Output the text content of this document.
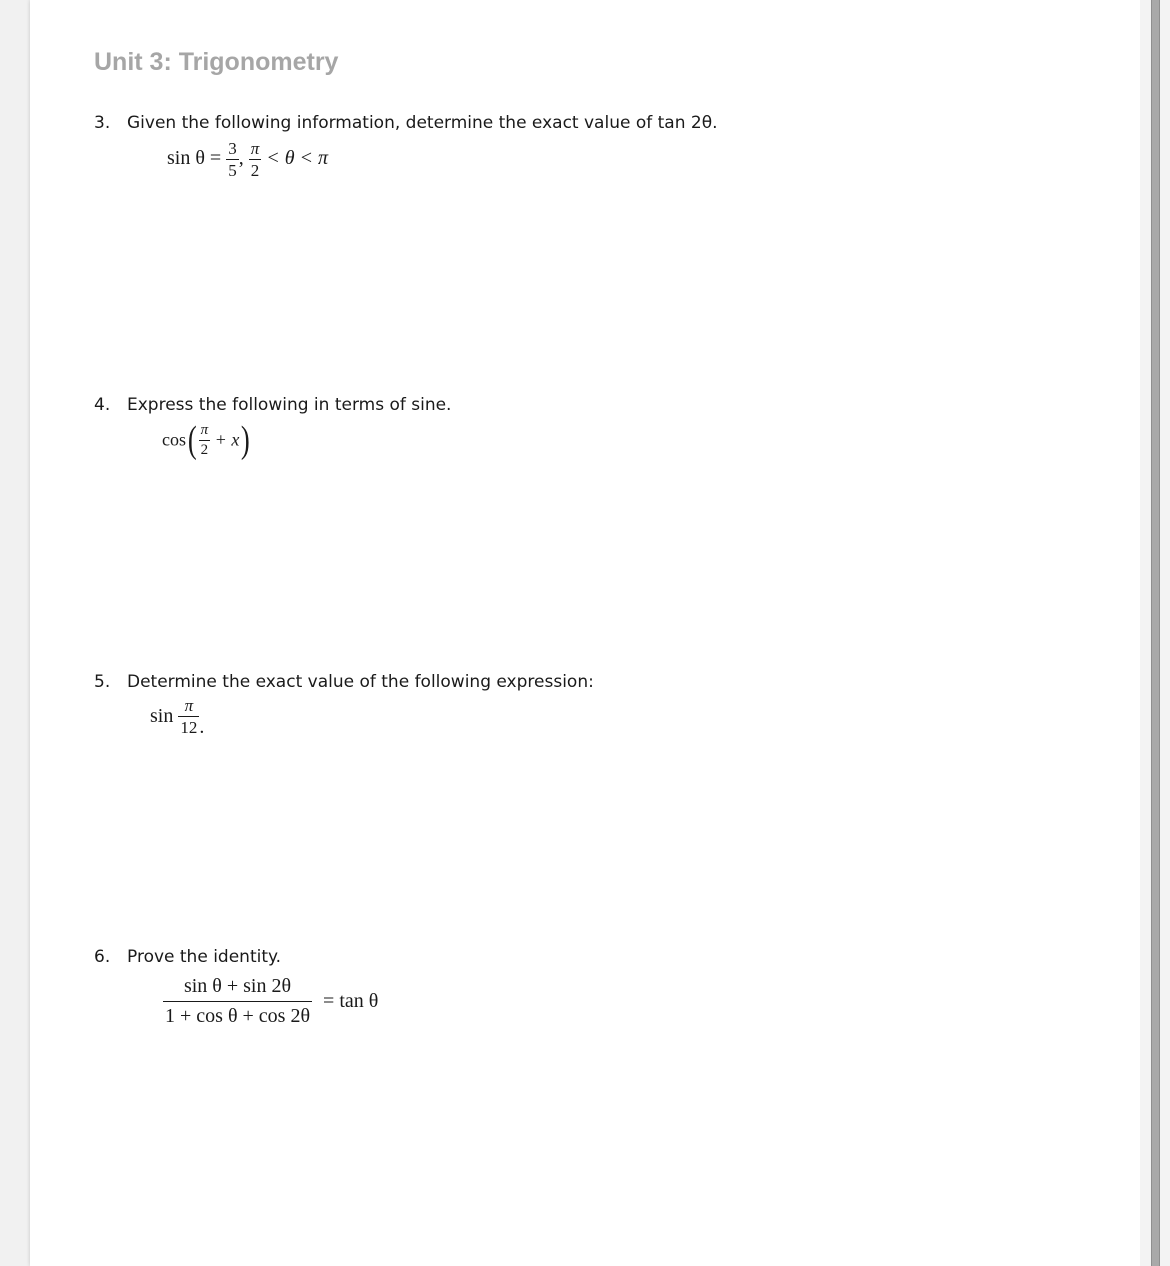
Unit 3: Trigonometry
3. Given the following information, determine the exact value of tan 2θ.
$\sin \theta = \frac{3}{5}$ , $\frac{\pi}{2} < \theta < \pi$
4. Express the following in terms of sine.
$\cos( \frac{\pi}{2} + x)$
5. Determine the exact value of the following expression:
$\sin \frac{\pi}{12}$ .
6. Prove the identity.
$\frac{\text{sin θ + sin 2θ}}{\text{1 + cos θ + cos 2θ}} = \tan \theta$
